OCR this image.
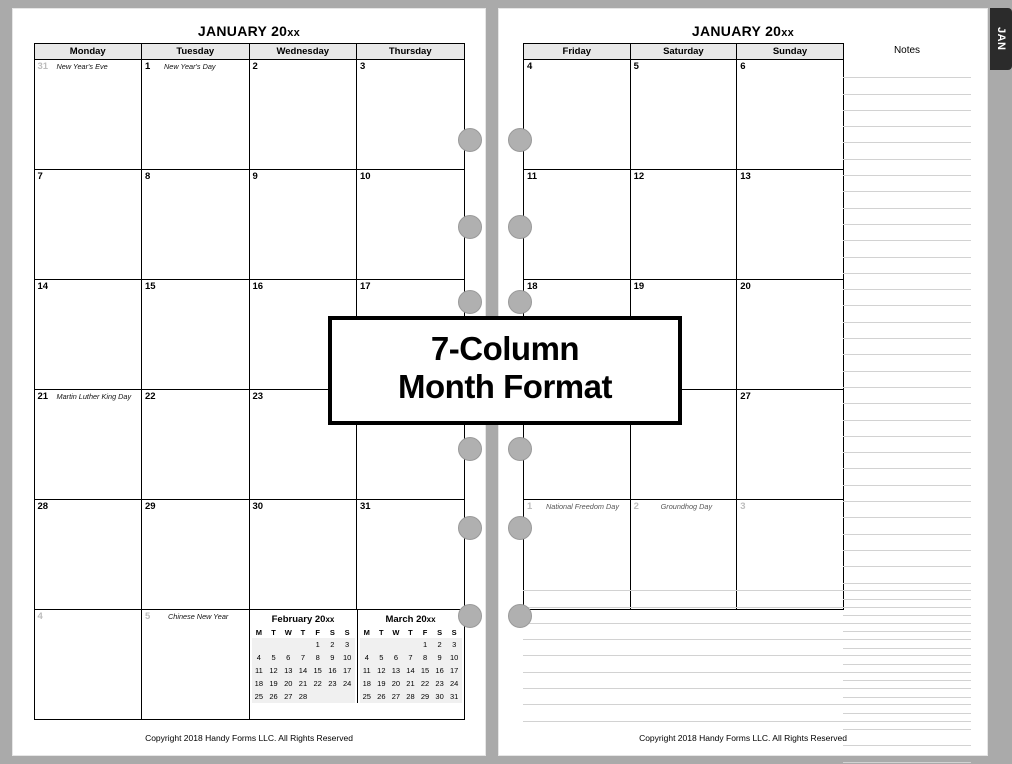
JANUARY 20xx
Monday	Tuesday	Wednesday	Thursday

31 New Year's Eve	1 New Year's Day	2	3

7	8	9	10

14	15	16	17

21 Martin Luther King Day	22	23

28	29	30	31

4	5 Chinese New Year	February 20xx
M	T	W	T	F	S	S
				1	2	3
4	5	6	7	8	9	10
11	12	13	14	15	16	17
18	19	20	21	22	23	24
25	26	27	28			
March 20xx
M	T	W	T	F	S	S
				1	2	3
4	5	6	7	8	9	10
11	12	13	14	15	16	17
18	19	20	21	22	23	24
25	26	27	28	29	30	31
Copyright 2018 Handy Forms LLC. All Rights Reserved
JANUARY 20xx
Friday	Saturday	Sunday

4	5	6

11	12	13

18	19	20

		27

1 National Freedom Day	2 Groundhog Day	3
Notes
Copyright 2018 Handy Forms LLC. All Rights Reserved
JAN
7-Column
Month Format
